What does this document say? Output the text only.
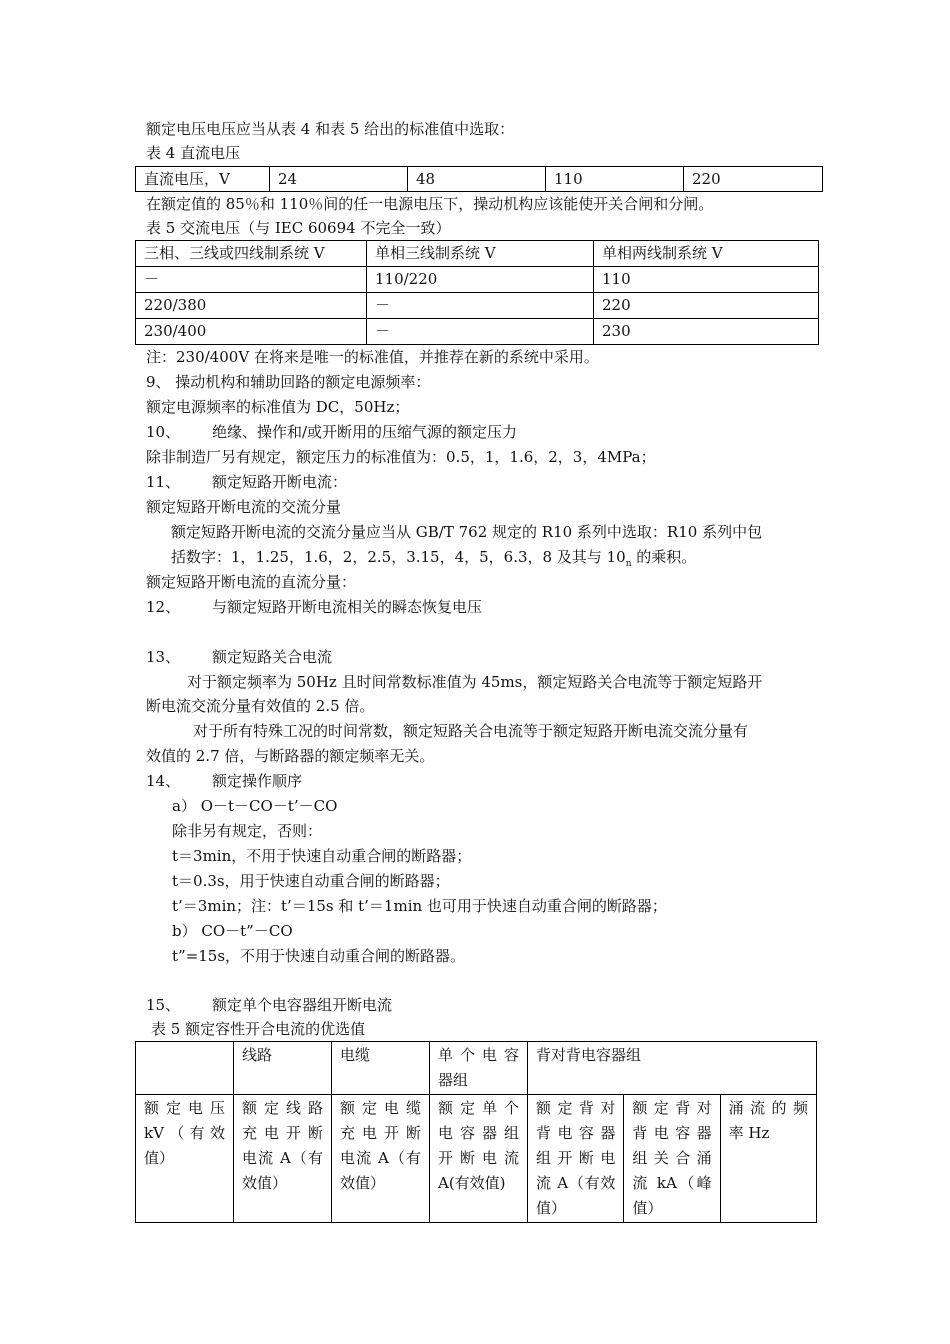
额定电压电压应当从表 4 和表 5 给出的标准值中选取：
表 4 直流电压
直流电压，V	24	48	110	220
在额定值的 85％和 110％间的任一电源电压下，操动机构应该能使开关合闸和分闸。
表 5 交流电压（与 IEC 60694 不完全一致）
三相、三线或四线制系统 V	单相三线制系统 V	单相两线制系统 V
－	110/220	110
220/380	－	220
230/400	－	230
注：230/400V 在将来是唯一的标准值，并推荐在新的系统中采用。
9、 操动机构和辅助回路的额定电源频率：
额定电源频率的标准值为 DC，50Hz；
10、 绝缘、操作和/或开断用的压缩气源的额定压力
除非制造厂另有规定，额定压力的标准值为：0.5，1，1.6，2，3，4MPa；
11、 额定短路开断电流：
额定短路开断电流的交流分量
额定短路开断电流的交流分量应当从 GB/T 762 规定的 R10 系列中选取：R10 系列中包
括数字：1，1.25，1.6，2，2.5，3.15，4，5，6.3，8 及其与 $10_n$ 的乘积。
额定短路开断电流的直流分量：
12、 与额定短路开断电流相关的瞬态恢复电压
13、 额定短路关合电流
对于额定频率为 50Hz 且时间常数标准值为 45ms，额定短路关合电流等于额定短路开
断电流交流分量有效值的 2.5 倍。
对于所有特殊工况的时间常数，额定短路关合电流等于额定短路开断电流交流分量有
效值的 2.7 倍，与断路器的额定频率无关。
14、 额定操作顺序
a） O－t－CO－t’－CO
除非另有规定，否则：
t＝3min，不用于快速自动重合闸的断路器；
t＝0.3s，用于快速自动重合闸的断路器；
t’＝3min；注：t’＝15s 和 t’＝1min 也可用于快速自动重合闸的断路器；
b） CO－t”－CO
t”=15s，不用于快速自动重合闸的断路器。
15、 额定单个电容器组开断电流
表 5 额定容性开合电流的优选值
	线路	电缆	单 个 电 容 器组	背对背电容器组		
额 定 电 压 kV（有效值）	额 定 线 路 充 电 开 断 电流 A（有效值）	额 定 电 缆 充 电 开 断 电流 A（有效值）	额 定 单 个 电 容 器 组 开 断 电 流 A(有效值)	额 定 背 对 背 电 容 器 组 开 断 电 流 A（有效值）	额 定 背 对 背 电 容 器 组 关 合 涌 流 kA（峰值）	涌 流 的 频 率 Hz
